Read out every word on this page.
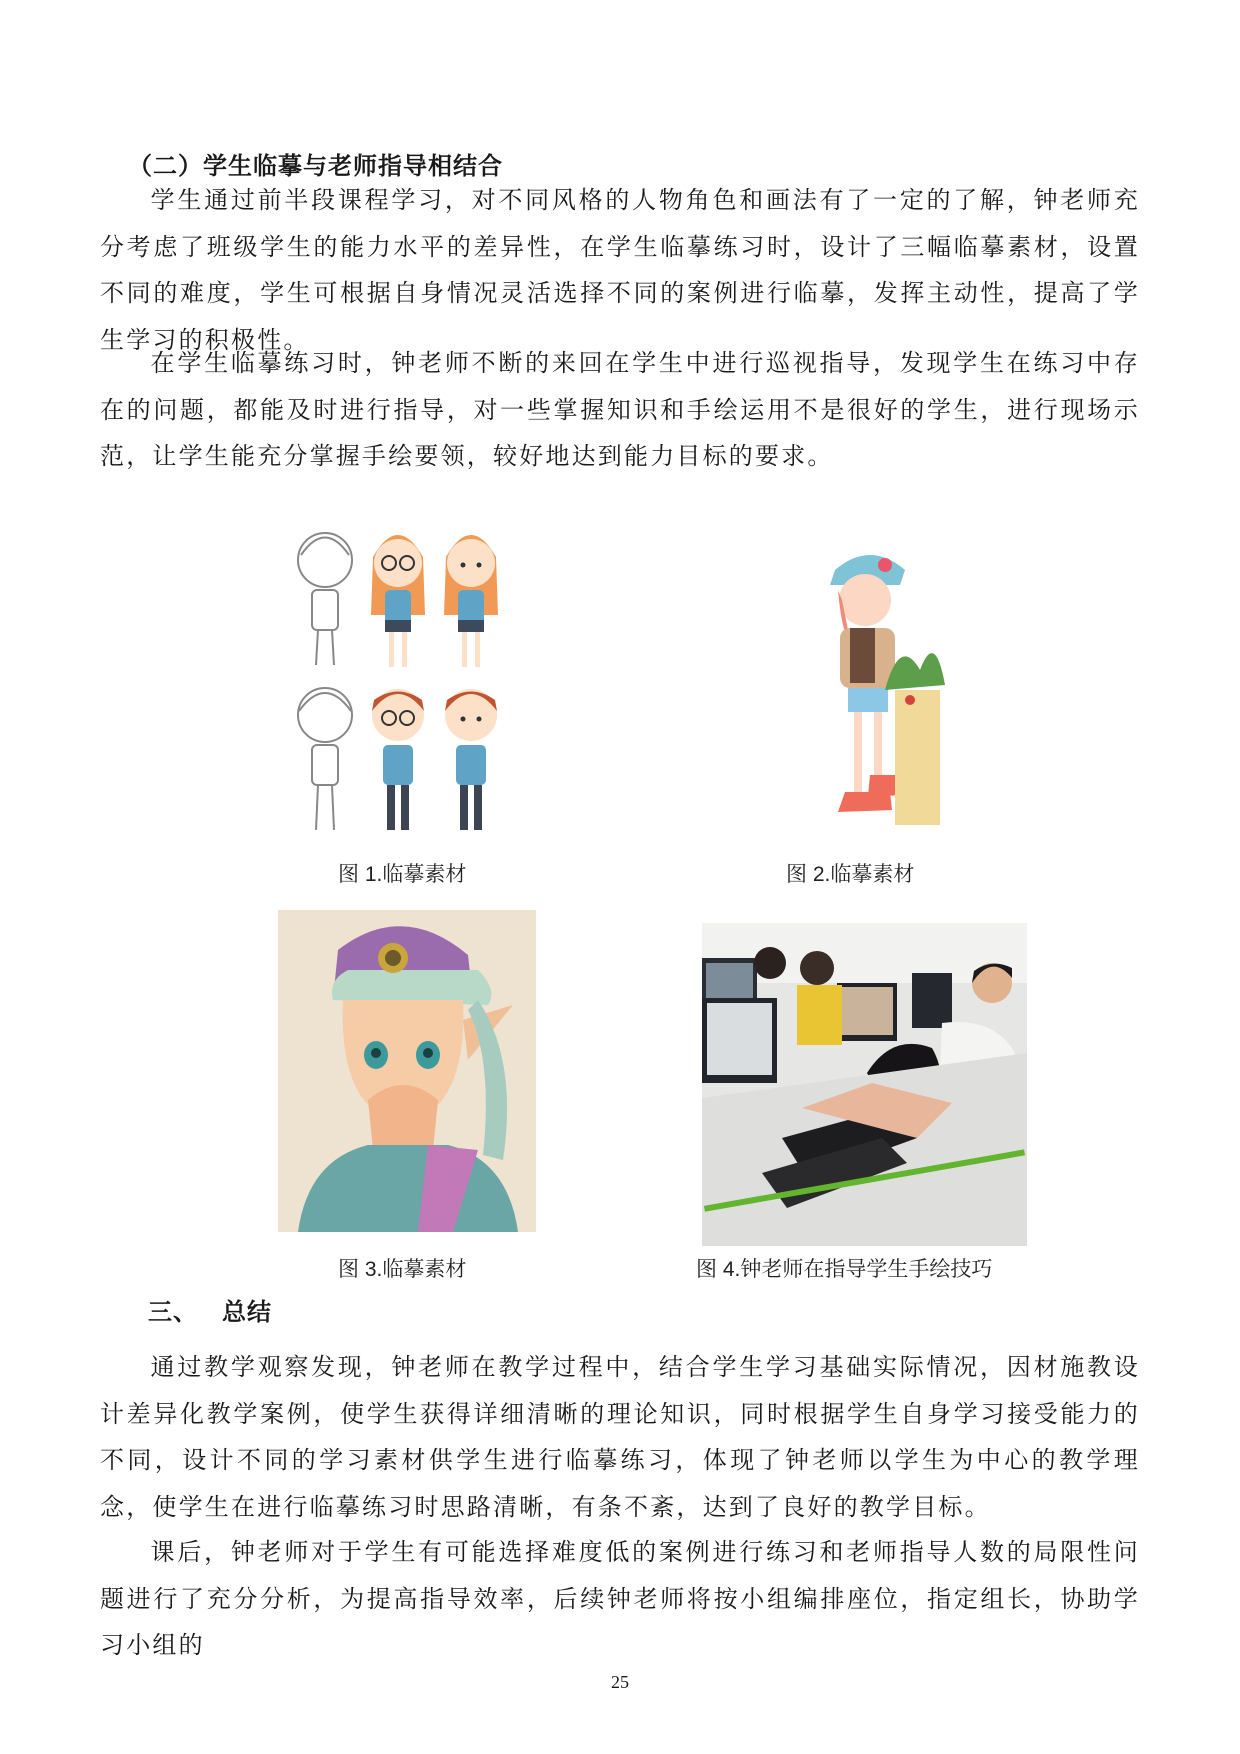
（二）学生临摹与老师指导相结合

学生通过前半段课程学习，对不同风格的人物角色和画法有了一定的了解，钟老师充分考虑了班级学生的能力水平的差异性，在学生临摹练习时，设计了三幅临摹素材，设置不同的难度，学生可根据自身情况灵活选择不同的案例进行临摹，发挥主动性，提高了学生学习的积极性。

在学生临摹练习时，钟老师不断的来回在学生中进行巡视指导，发现学生在练习中存在的问题，都能及时进行指导，对一些掌握知识和手绘运用不是很好的学生，进行现场示范，让学生能充分掌握手绘要领，较好地达到能力目标的要求。

图 1.临摹素材	图 2.临摹素材
图 3.临摹素材	图 4.钟老师在指导学生手绘技巧
三、 总结

通过教学观察发现，钟老师在教学过程中，结合学生学习基础实际情况，因材施教设计差异化教学案例，使学生获得详细清晰的理论知识，同时根据学生自身学习接受能力的不同，设计不同的学习素材供学生进行临摹练习，体现了钟老师以学生为中心的教学理念，使学生在进行临摹练习时思路清晰，有条不紊，达到了良好的教学目标。

课后，钟老师对于学生有可能选择难度低的案例进行练习和老师指导人数的局限性问题进行了充分分析，为提高指导效率，后续钟老师将按小组编排座位，指定组长，协助学习小组的

25
